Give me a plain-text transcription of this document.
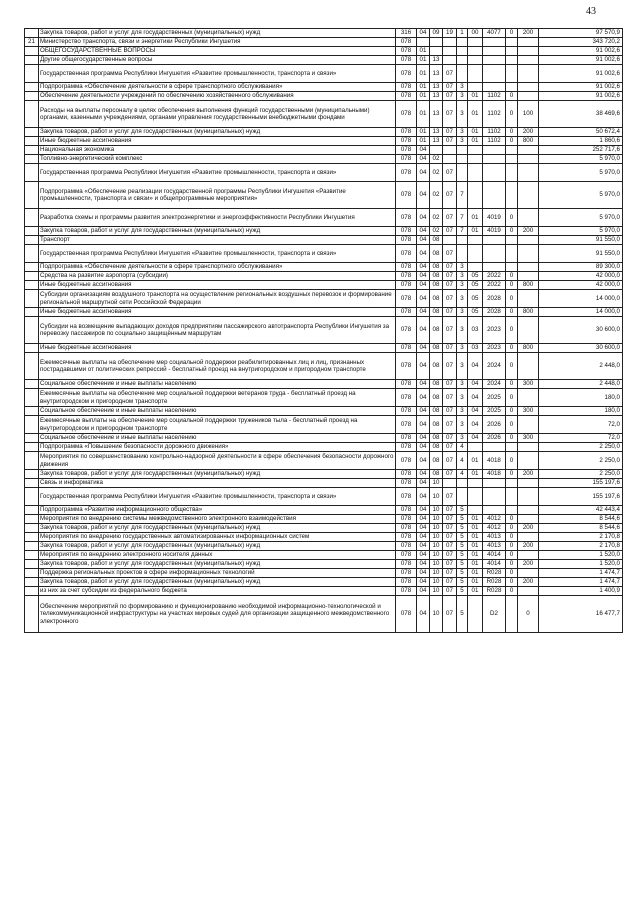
43
	Закупка товаров, работ и услуг для государственных (муниципальных) нужд	316	04	09	19	1	00	4077	0	200	97 570,9
21	Министерство транспорта, связи и энергетики Республики Ингушетия	078									343 720,2
	ОБЩЕГОСУДАРСТВЕННЫЕ ВОПРОСЫ	078	01								91 002,6
	Другие общегосударственные вопросы	078	01	13							91 002,6
	Государственная программа Республики Ингушетия «Развитие промышленности, транспорта и связи»	078	01	13	07						91 002,6
	Подпрограмма «Обеспечение деятельности в сфере транспортного обслуживания»	078	01	13	07	3					91 002,6
	Обеспечение деятельности учреждений по обеспечению хозяйственного обслуживания	078	01	13	07	3	01	1102	0		91 002,6
	Расходы на выплаты персоналу в целях обеспечения выполнения функций государственными (муниципальными) органами, казенными учреждениями, органами управления государственными внебюджетными фондами	078	01	13	07	3	01	1102	0	100	38 469,6
	Закупка товаров, работ и услуг для государственных (муниципальных) нужд	078	01	13	07	3	01	1102	0	200	50 672,4
	Иные бюджетные ассигнования	078	01	13	07	3	01	1102	0	800	1 860,6
	Национальная экономика	078	04								252 717,6
	Топливно-энергетический комплекс	078	04	02							5 970,0
	Государственная программа Республики Ингушетия «Развитие промышленности, транспорта и связи»	078	04	02	07						5 970,0
	Подпрограмма «Обеспечение реализации государственной программы Республики Ингушетия «Развитие промышленности, транспорта и связи» и общепрограммные мероприятия»	078	04	02	07	7					5 970,0
	Разработка схемы и программы развития электроэнергетики и энергоэффективности Республики Ингушетия	078	04	02	07	7	01	4019	0		5 970,0
	Закупка товаров, работ и услуг для государственных (муниципальных) нужд	078	04	02	07	7	01	4019	0	200	5 970,0
	Транспорт	078	04	08							91 550,0
	Государственная программа Республики Ингушетия «Развитие промышленности, транспорта и связи»	078	04	08	07						91 550,0
	Подпрограмма «Обеспечение деятельности в сфере транспортного обслуживания»	078	04	08	07	3					89 300,0
	Средства на развитие аэропорта (субсидии)	078	04	08	07	3	05	2022	0		42 000,0
	Иные бюджетные ассигнования	078	04	08	07	3	05	2022	0	800	42 000,0
	Субсидии организациям воздушного транспорта на осуществление региональных воздушных перевозок и формирование региональной маршрутной сети Российской Федерации	078	04	08	07	3	05	2028	0		14 000,0
	Иные бюджетные ассигнования	078	04	08	07	3	05	2028	0	800	14 000,0
	Субсидии на возмещение выпадающих доходов предприятиям пассажирского автотранспорта Республики Ингушетия за перевозку пассажиров по социально защищённым маршрутам	078	04	08	07	3	03	2023	0		30 600,0
	Иные бюджетные ассигнования	078	04	08	07	3	03	2023	0	800	30 600,0
	Ежемесячные выплаты на обеспечение мер социальной поддержки реабилитированных лиц и лиц, признанных пострадавшими от политических репрессий - бесплатный проезд на внутригородском и пригородном транспорте	078	04	08	07	3	04	2024	0		2 448,0
	Социальное обеспечение и иные выплаты населению	078	04	08	07	3	04	2024	0	300	2 448,0
	Ежемесячные выплаты на обеспечение мер социальной поддержки ветеранов труда - бесплатный проезд на внутригородском и пригородном транспорте	078	04	08	07	3	04	2025	0		180,0
	Социальное обеспечение и иные выплаты населению	078	04	08	07	3	04	2025	0	300	180,0
	Ежемесячные выплаты на обеспечение мер социальной поддержки тружеников тыла - бесплатный проезд на внутригородском и пригородном транспорте	078	04	08	07	3	04	2026	0		72,0
	Социальное обеспечение и иные выплаты населению	078	04	08	07	3	04	2026	0	300	72,0
	Подпрограмма «Повышение безопасности дорожного движения»	078	04	08	07	4					2 250,0
	Мероприятия по совершенствованию контрольно-надзорной деятельности в сфере обеспечения безопасности дорожного движения	078	04	08	07	4	01	4018	0		2 250,0
	Закупка товаров, работ и услуг для государственных (муниципальных) нужд	078	04	08	07	4	01	4018	0	200	2 250,0
	Связь и информатика	078	04	10							155 197,6
	Государственная программа Республики Ингушетия «Развитие промышленности, транспорта и связи»	078	04	10	07						155 197,6
	Подпрограмма «Развитие информационного общества»	078	04	10	07	5					42 443,4
	Мероприятия по внедрению системы межведомственного электронного взаимодействия	078	04	10	07	5	01	4012	0		8 544,6
	Закупка товаров, работ и услуг для государственных (муниципальных) нужд	078	04	10	07	5	01	4012	0	200	8 544,6
	Мероприятия по внедрению государственных автоматизированных информационных систем	078	04	10	07	5	01	4013	0		2 170,8
	Закупка товаров, работ и услуг для государственных (муниципальных) нужд	078	04	10	07	5	01	4013	0	200	2 170,8
	Мероприятия по внедрению электронного носителя данных	078	04	10	07	5	01	4014	0		1 520,0
	Закупка товаров, работ и услуг для государственных (муниципальных) нужд	078	04	10	07	5	01	4014	0	200	1 520,0
	Поддержка региональных проектов в сфере информационных технологий	078	04	10	07	5	01	R028	0		1 474,7
	Закупка товаров, работ и услуг для государственных (муниципальных) нужд	078	04	10	07	5	01	R028	0	200	1 474,7
	из них за счет субсидии из федерального бюджета	078	04	10	07	5	01	R028	0		1 400,9
	Обеспечение мероприятий по формированию и функционированию необходимой информационно-технологической и телекоммуникационной инфраструктуры на участках мировых судей для организации защищенного межведомственного электронного	078	04	10	07	5		D2		0	16 477,7
